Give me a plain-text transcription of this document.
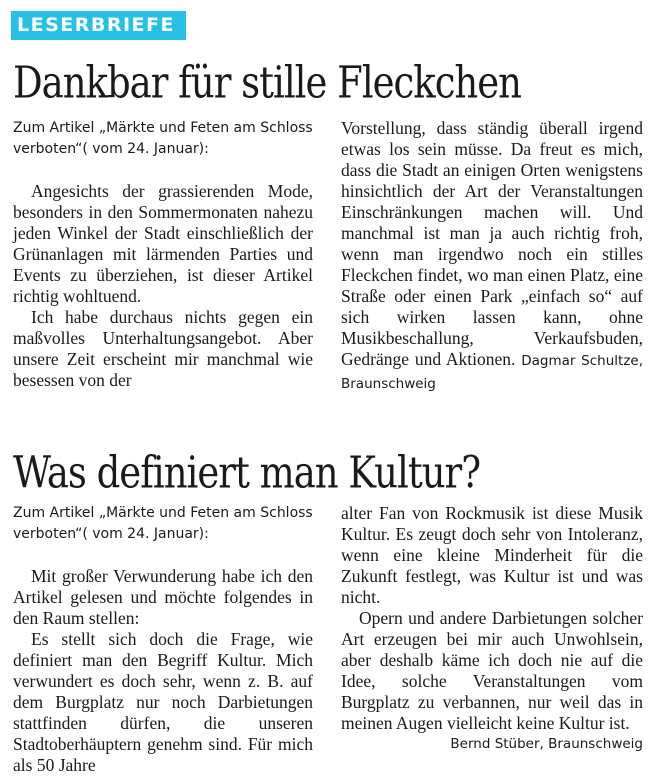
LESERBRIEFE
Dankbar für stille Fleckchen

Zum Artikel „Märkte und Feten am Schloss verboten“( vom 24. Januar):

Angesichts der grassierenden Mode, besonders in den Sommermonaten nahezu jeden Winkel der Stadt einschließlich der Grünanlagen mit lärmenden Parties und Events zu überziehen, ist dieser Artikel richtig wohltuend.

Ich habe durchaus nichts gegen ein maßvolles Unterhaltungsangebot. Aber unsere Zeit erscheint mir manchmal wie besessen von der

Vorstellung, dass ständig überall irgend etwas los sein müsse. Da freut es mich, dass die Stadt an einigen Orten wenigstens hinsichtlich der Art der Veranstaltungen Einschränkungen machen will. Und manchmal ist man ja auch richtig froh, wenn man irgendwo noch ein stilles Fleckchen findet, wo man einen Platz, eine Straße oder einen Park „einfach so“ auf sich wirken lassen kann, ohne Musikbeschallung, Verkaufsbuden, Gedränge und Aktionen. Dagmar Schultze, Braunschweig

Was definiert man Kultur?

Zum Artikel „Märkte und Feten am Schloss verboten“( vom 24. Januar):

Mit großer Verwunderung habe ich den Artikel gelesen und möchte folgendes in den Raum stellen:

Es stellt sich doch die Frage, wie definiert man den Begriff Kultur. Mich verwundert es doch sehr, wenn z. B. auf dem Burgplatz nur noch Darbietungen stattfinden dürfen, die unseren Stadtoberhäuptern genehm sind. Für mich als 50 Jahre

alter Fan von Rockmusik ist diese Musik Kultur. Es zeugt doch sehr von Intoleranz, wenn eine kleine Minderheit für die Zukunft festlegt, was Kultur ist und was nicht.

Opern und andere Darbietungen solcher Art erzeugen bei mir auch Unwohlsein, aber deshalb käme ich doch nie auf die Idee, solche Veranstaltungen vom Burgplatz zu verbannen, nur weil das in meinen Augen vielleicht keine Kultur ist.

Bernd Stüber, Braunschweig
